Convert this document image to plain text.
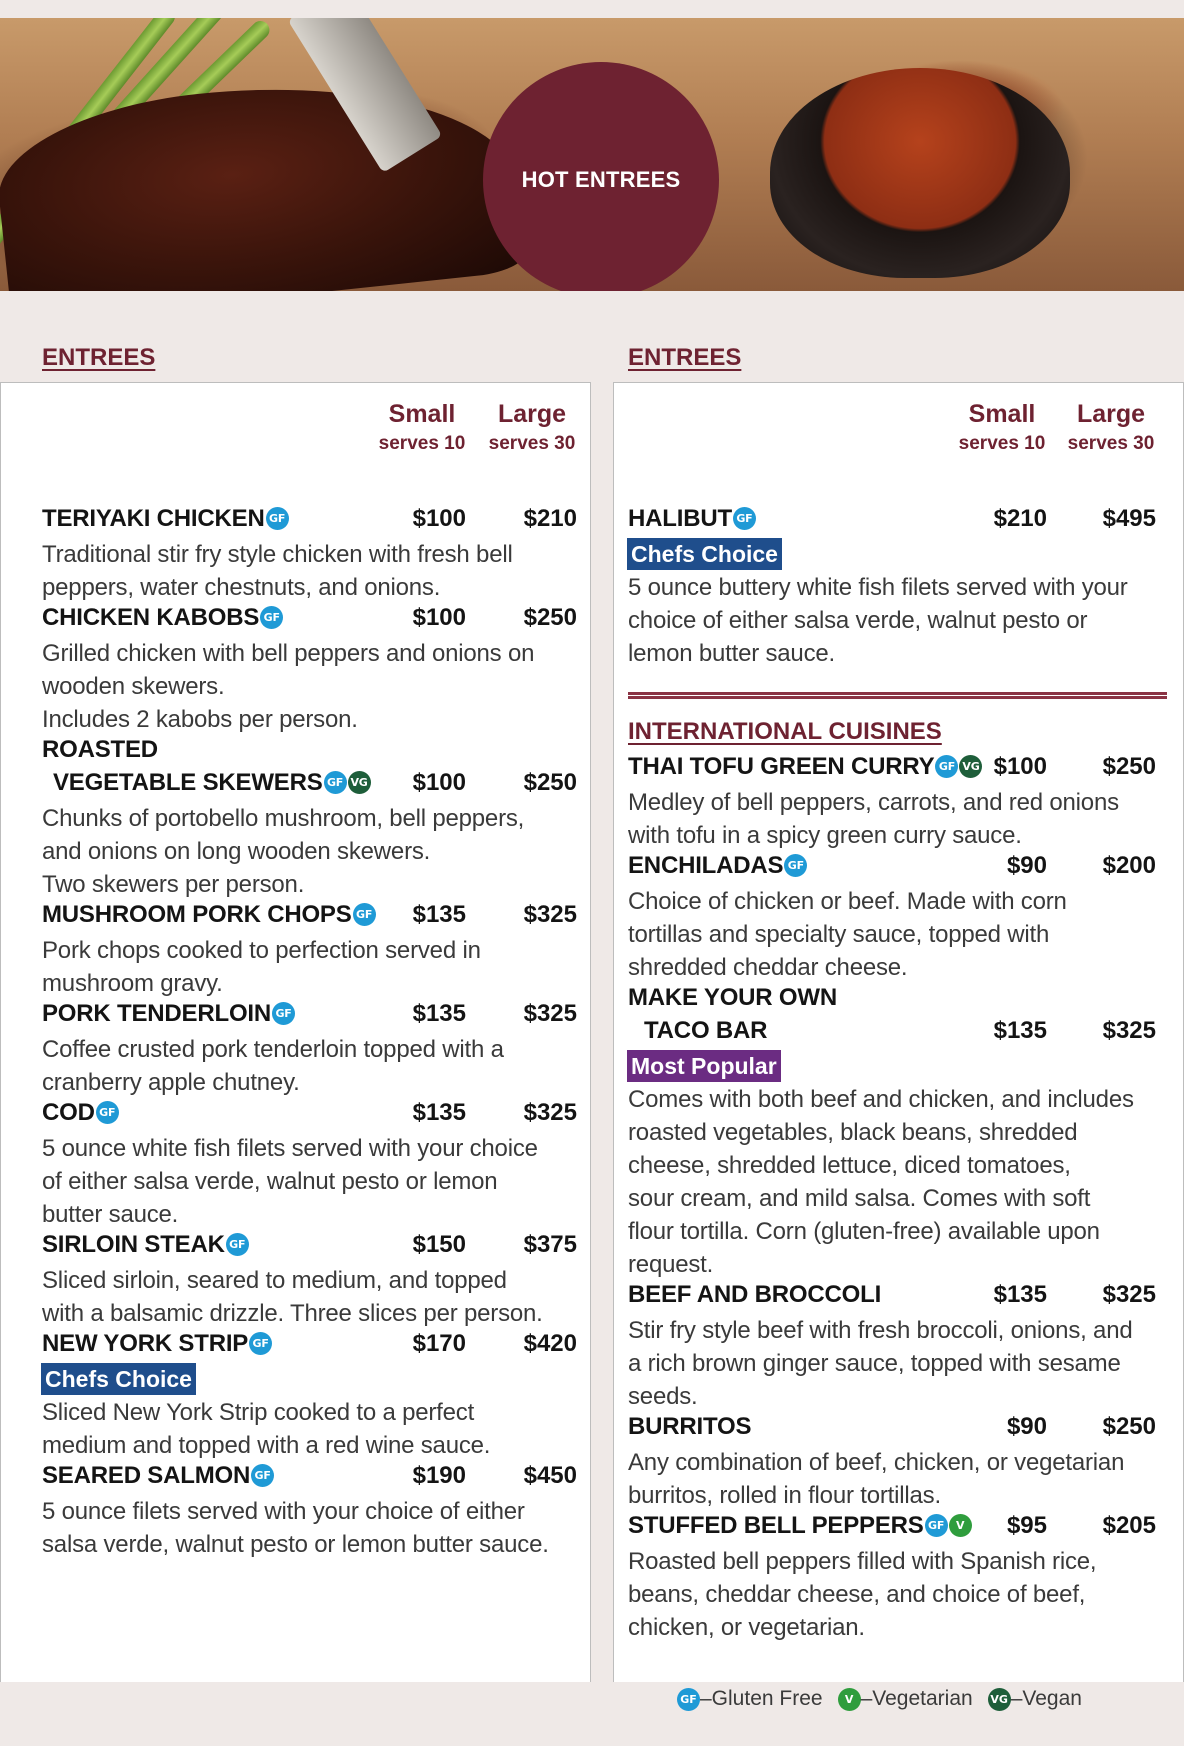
HOT ENTREES
ENTREES	ENTREES
Small
serves 10
Large
serves 30
TERIYAKI CHICKEN GF	$100	$210
Traditional stir fry style chicken with fresh bell
peppers, water chestnuts, and onions.
CHICKEN KABOBS GF	$100	$250
Grilled chicken with bell peppers and onions on
wooden skewers.
Includes 2 kabobs per person.
ROASTED
VEGETABLE SKEWERS GF VG	$100	$250
Chunks of portobello mushroom, bell peppers,
and onions on long wooden skewers.
Two skewers per person.
MUSHROOM PORK CHOPS GF	$135	$325
Pork chops cooked to perfection served in
mushroom gravy.
PORK TENDERLOIN GF	$135	$325
Coffee crusted pork tenderloin topped with a
cranberry apple chutney.
COD GF	$135	$325
5 ounce white fish filets served with your choice
of either salsa verde, walnut pesto or lemon
butter sauce.
SIRLOIN STEAK GF	$150	$375
Sliced sirloin, seared to medium, and topped
with a balsamic drizzle. Three slices per person.
NEW YORK STRIP GF	$170	$420
Chefs Choice
Sliced New York Strip cooked to a perfect
medium and topped with a red wine sauce.
SEARED SALMON GF	$190	$450
5 ounce filets served with your choice of either
salsa verde, walnut pesto or lemon butter sauce.
Small
serves 10
Large
serves 30
HALIBUT GF	$210	$495
Chefs Choice
5 ounce buttery white fish filets served with your
choice of either salsa verde, walnut pesto or
lemon butter sauce.
THAI TOFU GREEN CURRY GF VG $100	$250
Medley of bell peppers, carrots, and red onions
with tofu in a spicy green curry sauce.
ENCHILADAS GF	$90	$200
Choice of chicken or beef. Made with corn
tortillas and specialty sauce, topped with
shredded cheddar cheese.
MAKE YOUR OWN
TACO BAR	$135	$325
Most Popular
Comes with both beef and chicken, and includes
roasted vegetables, black beans, shredded
cheese, shredded lettuce, diced tomatoes,
sour cream, and mild salsa. Comes with soft
flour tortilla. Corn (gluten-free) available upon
request.
BEEF AND BROCCOLI	$135	$325
Stir fry style beef with fresh broccoli, onions, and
a rich brown ginger sauce, topped with sesame
seeds.
BURRITOS	$90	$250
Any combination of beef, chicken, or vegetarian
burritos, rolled in flour tortillas.
STUFFED BELL PEPPERS GF V	$95	$205
Roasted bell peppers filled with Spanish rice,
beans, cheddar cheese, and choice of beef,
chicken, or vegetarian.
INTERNATIONAL CUISINES
GF –Gluten Free V –Vegetarian VG –Vegan
